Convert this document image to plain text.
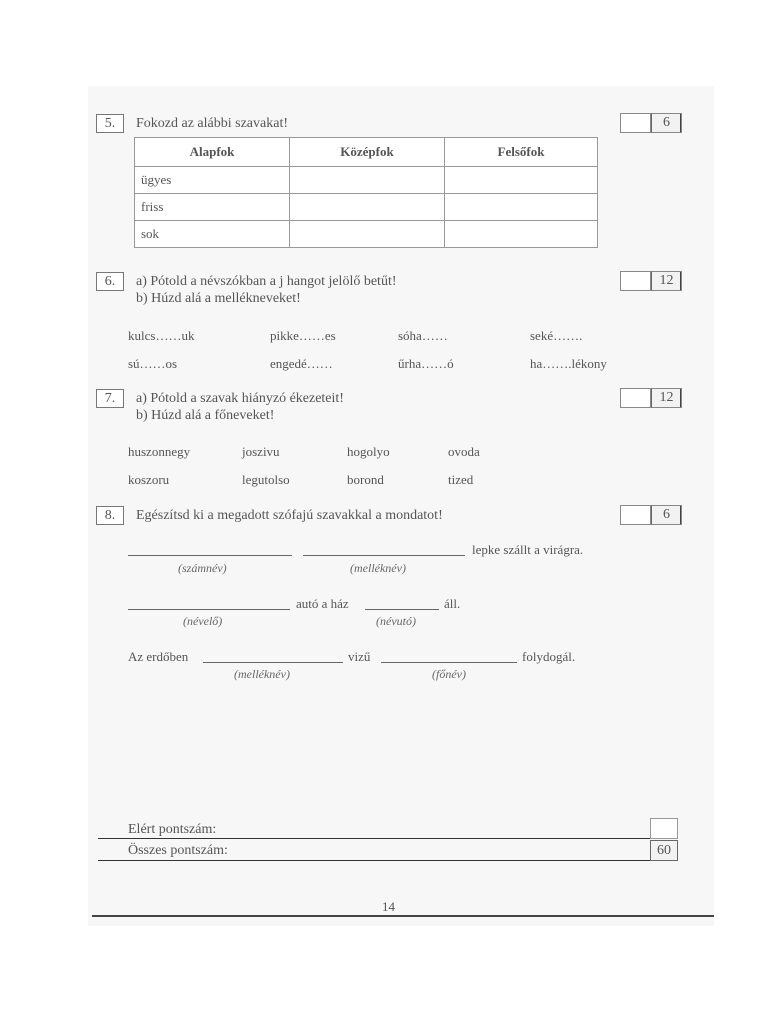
5.	Fokozd az alábbi szavakat!	6
Alapfok	Középfok	Felsőfok
ügyes		
friss		
sok		
6.	a) Pótold a névszókban a j hangot jelölő betűt!
b) Húzd alá a mellékneveket!
12
kulcs……uk	pikke……es	sóha……	seké…….
sú……os	engedé……	űrha……ó	ha…….lékony
7.	a) Pótold a szavak hiányzó ékezeteit!
b) Húzd alá a főneveket!
12
huszonnegy	joszivu	hogolyo	ovoda
koszoru	legutolso	borond	tized
8.	Egészítsd ki a megadott szófajú szavakkal a mondatot!	6
lepke szállt a virágra.
(számnév)	(melléknév)
autó a ház	áll.
(névelő)	(névutó)
Az erdőben	vizű	folydogál.
(melléknév)	(főnév)
Elért pontszám:
Összes pontszám:	60
14
